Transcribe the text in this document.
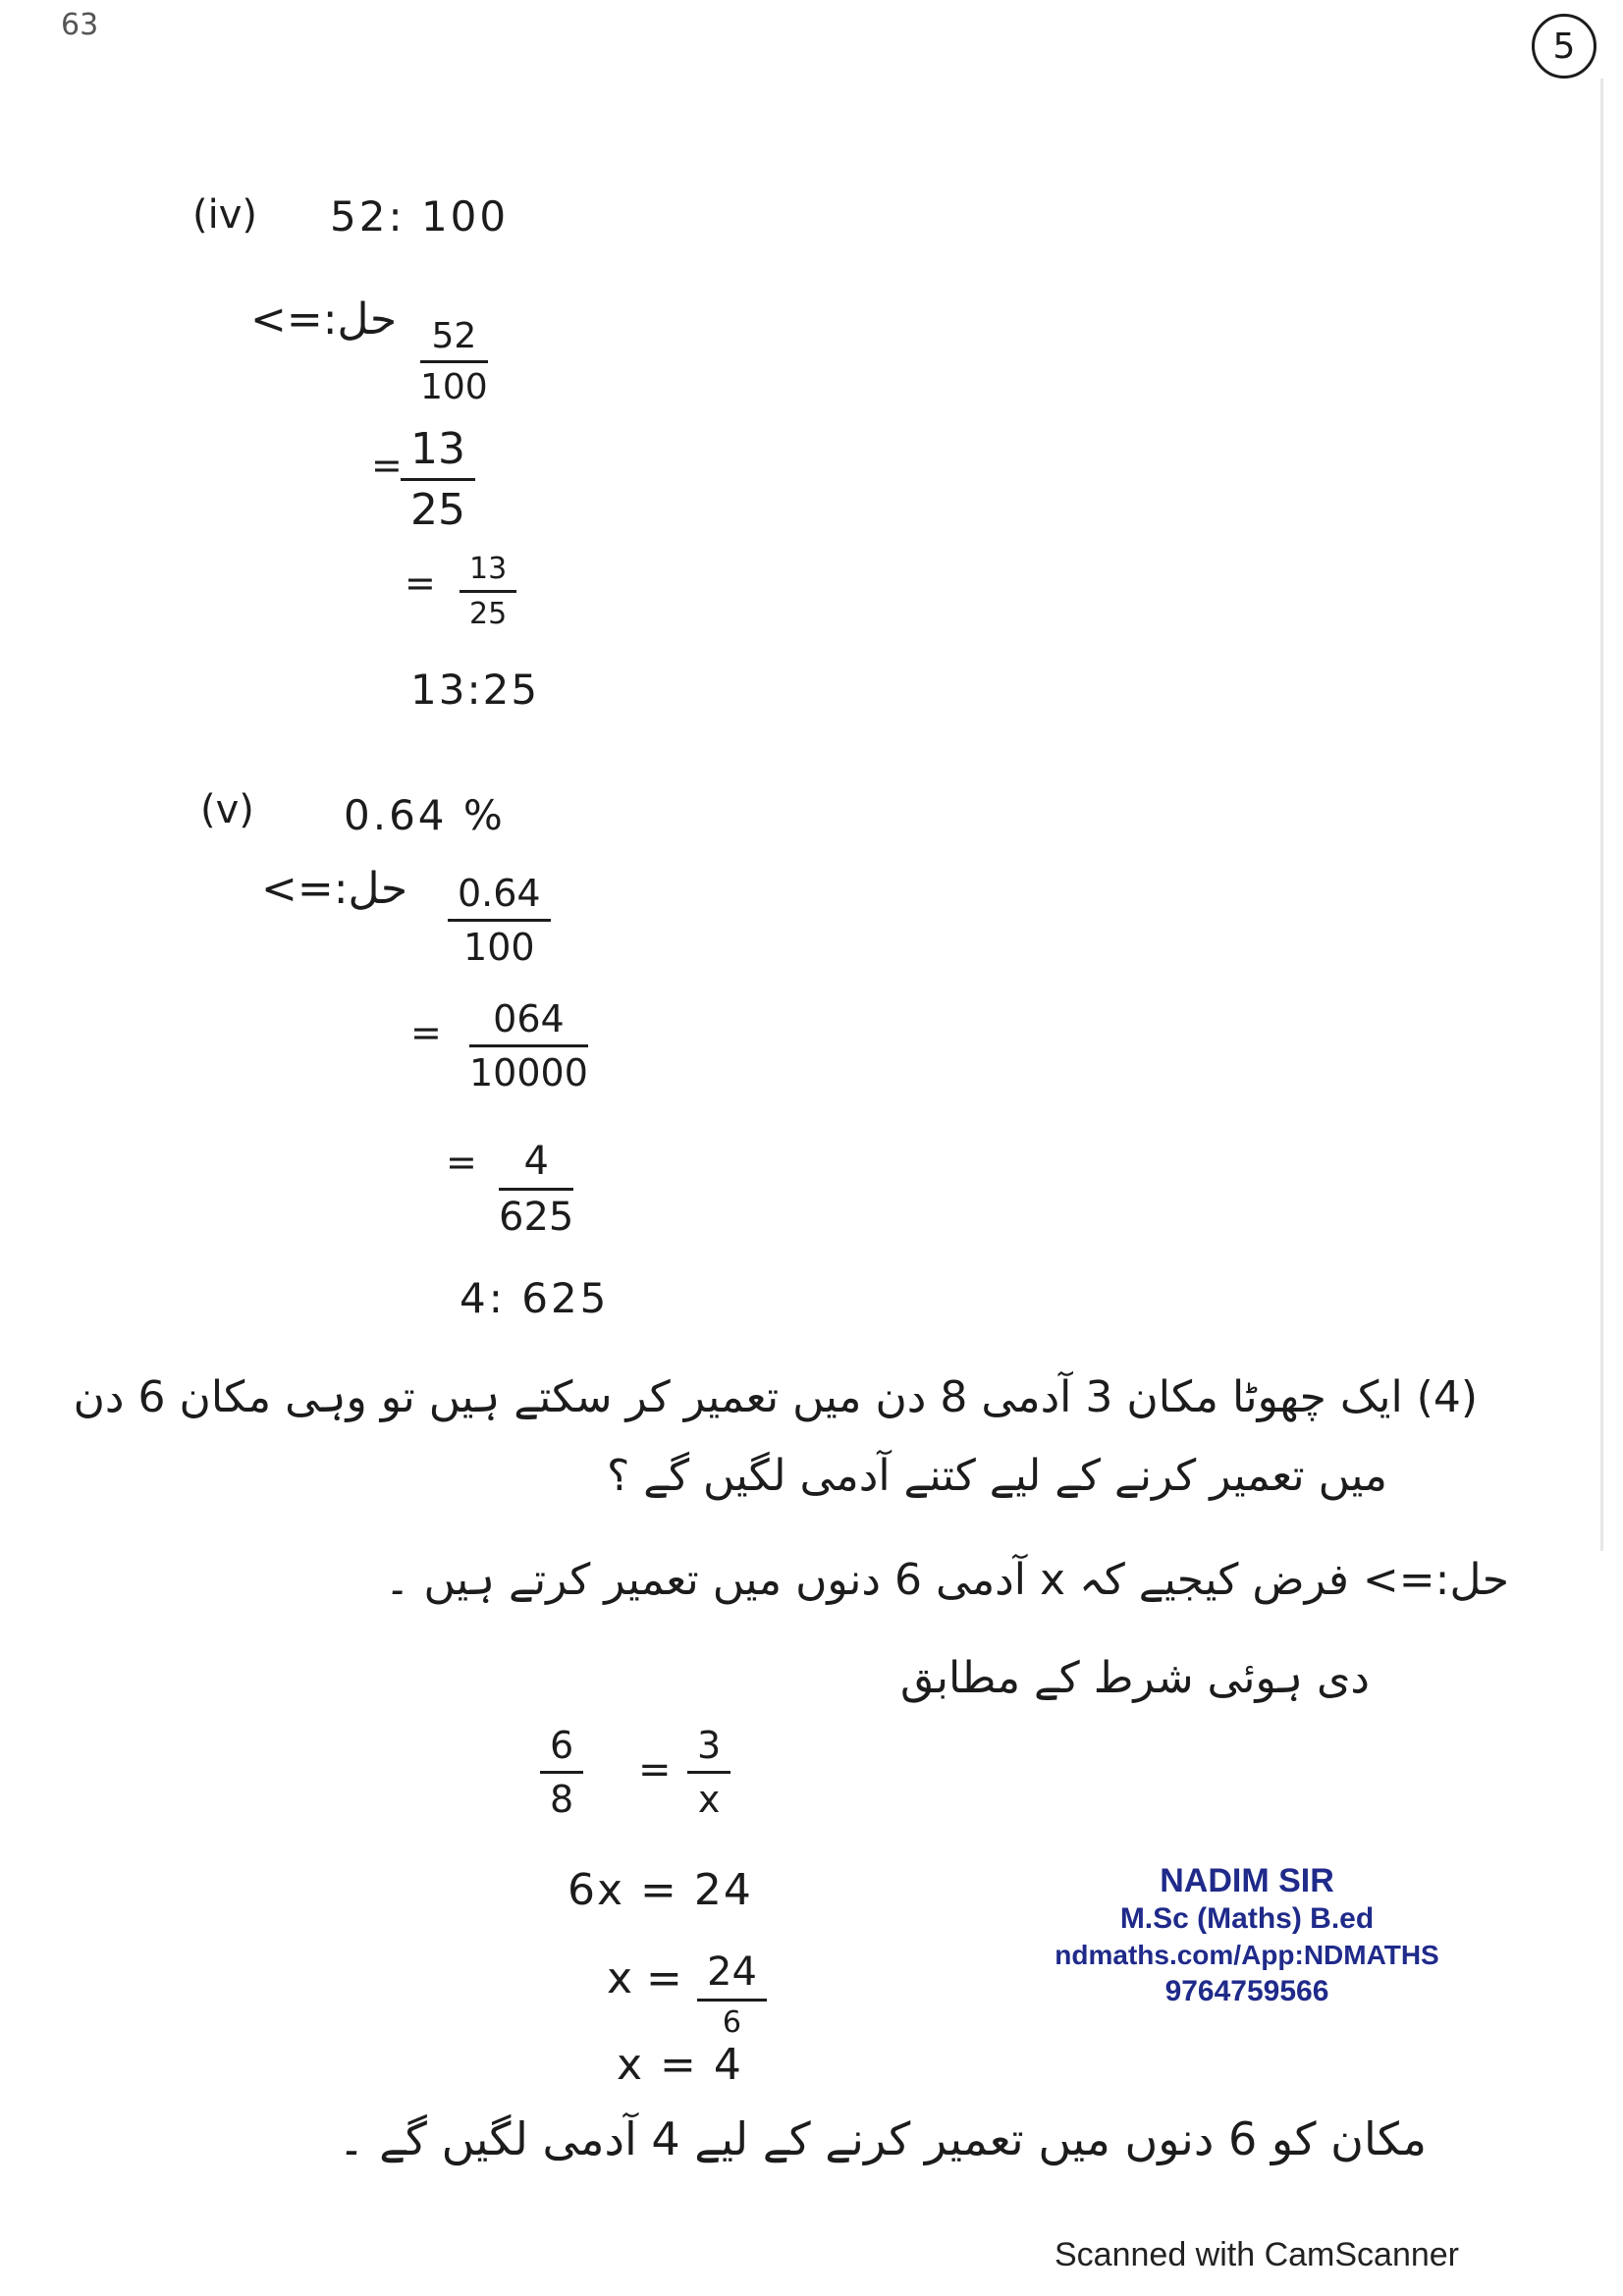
63
5
(iv) 52: 100
حل:=> 52
100
= 13
25
=	13
25
13:25
(v) 0.64 %
حل:=> 0.64
100
= 064
10000
= 4
625
4: 625
(4) ایک چھوٹا مکان 3 آدمی 8 دن میں تعمیر کر سکتے ہیں تو وہی مکان 6 دن
میں تعمیر کرنے کے لیے کتنے آدمی لگیں گے ؟
حل:=> فرض کیجیے کہ x آدمی 6 دنوں میں تعمیر کرتے ہیں ۔
دی ہوئی شرط کے مطابق
6
8
=
3
x
6x = 24
x = 24
6
x = 4
مکان کو 6 دنوں میں تعمیر کرنے کے لیے 4 آدمی لگیں گے ۔
NADIM SIR
M.Sc (Maths) B.ed
ndmaths.com/App:NDMATHS
9764759566
Scanned with CamScanner
